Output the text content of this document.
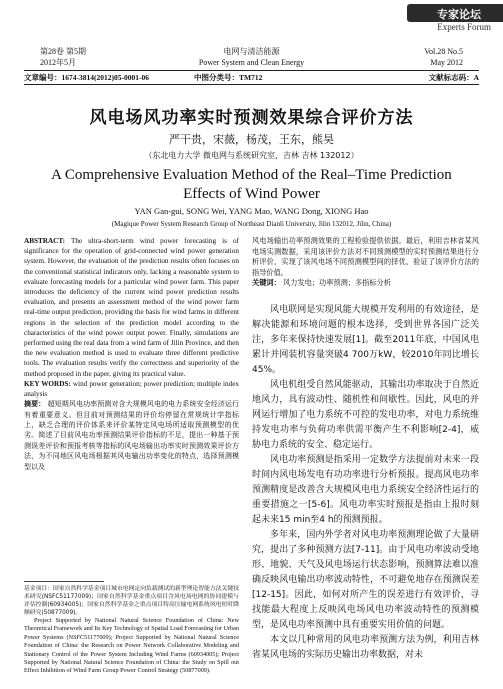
专家论坛
Experts Forum
第28卷 第5期
2012年5月
电网与清洁能源
Power System and Clean Energy
Vol.28 No.5
May 2012
文章编号：1674-3814(2012)05-0001-06	中图分类号：TM712	文献标志码：A
风电场风功率实时预测效果综合评价方法
严干贵，宋薇，杨茂，王东，熊昊
（东北电力大学 微电网与系统研究室，吉林 吉林 132012）
A Comprehensive Evaluation Method of the Real–Time Prediction Effects of Wind Power
YAN Gan-gui, SONG Wei, YANG Mao, WANG Dong, XIONG Hao
(Magique Power System Research Group of Northeast Dianli University, Jilin 132012, Jilin, China)
ABSTRACT: The ultra-short-term wind power forecasting is of significance for the operation of grid-connected wind power generation system. However, the evaluation of the prediction results often focuses on the conventional statistical indicators only, lacking a reasonable system to evaluate forecasting models for a particular wind power farm. This paper introduces the deficiency of the current wind power prediction results evaluation, and presents an assessment method of the wind power farm real-time output prediction, providing the basis for wind farms in different regions in the selection of the prediction model according to the characteristics of the wind power output power. Finally, simulations are performed using the real data from a wind farm of Jilin Province, and then the new evaluation method is used to evaluate three different predictive tools. The evaluation results verify the correctness and superiority of the method proposed in the paper, giving its practical value.
KEY WORDS: wind power generation; power prediction; multiple index analysis
摘要： 超短期风电功率预测对含大规模风电的电力系统安全经济运行有着重要意义。但目前对预测结果的评价均停留在常规统计学指标上，缺乏合理的评价体系来评价某特定风电场所适取预测模型的优劣。简述了目前风电功率预测结果评价指标的不足，提出一种基于预测误差评价和预报考核等指标的风电场输出功率实时预测效果评价方法，为不同地区风电场根据其风电输出功率变化的特点，选择预测模型以及
基金项目：国家自然科学基金项目城市电网定向负载测试的新型理论智能方法关键技术研究(NSFC51177009)；国家自然科学基金重点项目含风电场电网的协同建模与评估控制(60934005)；国家自然科学基金之重点项目特高压输电网系统风电短时降额研究(50877009)。
Project Supported by National Natural Science Foundation of China: New Theoretical Framework and Its Key Technology of Spatial Load Forecasting for Urban Power Systems (NSFC51177009); Project Supported by National Natural Science Foundation of China: the Research on Power Network Collaborative Modeling and Stationary Control of the Power System Including Wind Farms (60934005); Project Supported by National Natural Science Foundation of China: the Study on Spill out Effect Inhibition of Wind Farm Group Power Control Strategy (50877009).
风电场输出功率预测效果的工程检验提供依据。最后，利用吉林省某风电场实测数据，采用该评价方法对不同预测模型的实时预测结果进行分析评价，实现了该风电场不同预测模型间的择优，验证了该评价方法的指导价值。
关键词： 风力发电；功率预测；多指标分析

风电联网是实现风能大规模开发利用的有效途径，是解决能源和环境问题的根本选择，受到世界各国广泛关注，多年来保持快速发展[1]。截至2011年底，中国风电累计并网装机容量突破4 700万kW，较2010年同比增长45%。

风电机组受自然风能驱动，其输出功率取决于自然近地风力，具有波动性、随机性和间歇性。因此，风电的并网运行增加了电力系统不可控的发电功率，对电力系统维持发电功率与负荷功率供需平衡产生不利影响[2-4]，威胁电力系统的安全、稳定运行。

风电功率预测是指采用一定数学方法提前对未来一段时间内风电场发电有功功率进行分析预报。提高风电功率预测精度是改善含大规模风电电力系统安全经济性运行的重要措施之一[5-6]。风电功率实时预报是指由上报时刻起未来15 min至4 h的预测预报。

多年来，国内外学者对风电功率预测理论做了大量研究，提出了多种预测方法[7-11]。由于风电功率波动受地形、地貌、天气及风电场运行状态影响，预测算法难以准确反映风电输出功率波动特性，不可避免地存在预测误差[12-15]。因此，如何对所产生的误差进行有效评价，寻找能最大程度上反映风电场风电功率波动特性的预测模型，是风电功率预测中具有重要实用价值的问题。

本文以几种常用的风电功率预测方法为例，利用吉林省某风电场的实际历史输出功率数据，对未
